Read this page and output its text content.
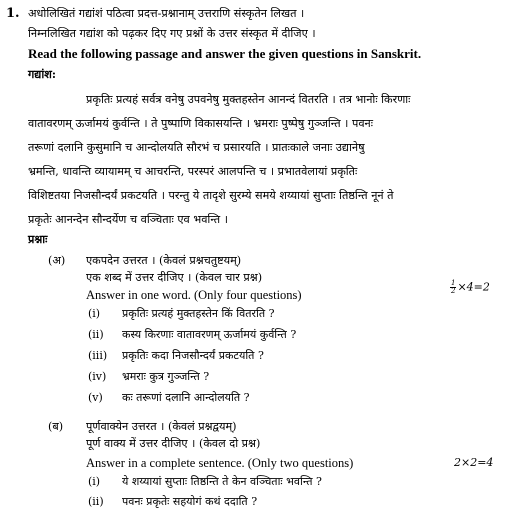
1. अधोलिखितं गद्यांशं पठित्वा प्रदत्त-प्रश्नानाम् उत्तराणि संस्कृतेन लिखत ।
निम्नलिखित गद्यांश को पढ़कर दिए गए प्रश्नों के उत्तर संस्कृत में दीजिए ।
Read the following passage and answer the given questions in Sanskrit.
गद्यांश:
प्रकृतिः प्रत्यहं सर्वत्र वनेषु उपवनेषु मुक्तहस्तेन आनन्दं वितरति । तत्र भानोः किरणाः
वातावरणम् ऊर्जामयं कुर्वन्ति । ते पुष्पाणि विकासयन्ति । भ्रमराः पुष्पेषु गुञ्जन्ति । पवनः
तरूणां दलानि कुसुमानि च आन्दोलयति सौरभं च प्रसारयति । प्रातःकाले जनाः उद्यानेषु
भ्रमन्ति, धावन्ति व्यायामम् च आचरन्ति, परस्परं आलपन्ति च । प्रभातवेलायां प्रकृतिः
विशिष्टतया निजसौन्दर्यं प्रकटयति । परन्तु ये तादृशे सुरम्ये समये शय्यायां सुप्ताः तिष्ठन्ति नूनं ते
प्रकृतेः आनन्देन सौन्दर्येण च वञ्चिताः एव भवन्ति ।
प्रश्नाः
(अ) एकपदेन उत्तरत । (केवलं प्रश्नचतुष्टयम्)
एक शब्द में उत्तर दीजिए । (केवल चार प्रश्न)
Answer in one word. (Only four questions)	$\frac{1}{2} \times 4=2$
(i) प्रकृतिः प्रत्यहं मुक्तहस्तेन किं वितरति ?
(ii) कस्य किरणाः वातावरणम् ऊर्जामयं कुर्वन्ति ?
(iii) प्रकृतिः कदा निजसौन्दर्यं प्रकटयति ?
(iv) भ्रमराः कुत्र गुञ्जन्ति ?
(v) कः तरूणां दलानि आन्दोलयति ?
(ब) पूर्णवाक्येन उत्तरत । (केवलं प्रश्नद्वयम्)
पूर्ण वाक्य में उत्तर दीजिए । (केवल दो प्रश्न)
Answer in a complete sentence. (Only two questions)	2×2=4
(i) ये शय्यायां सुप्ताः तिष्ठन्ति ते केन वञ्चिताः भवन्ति ?
(ii) पवनः प्रकृतेः सहयोगं कथं ददाति ?
